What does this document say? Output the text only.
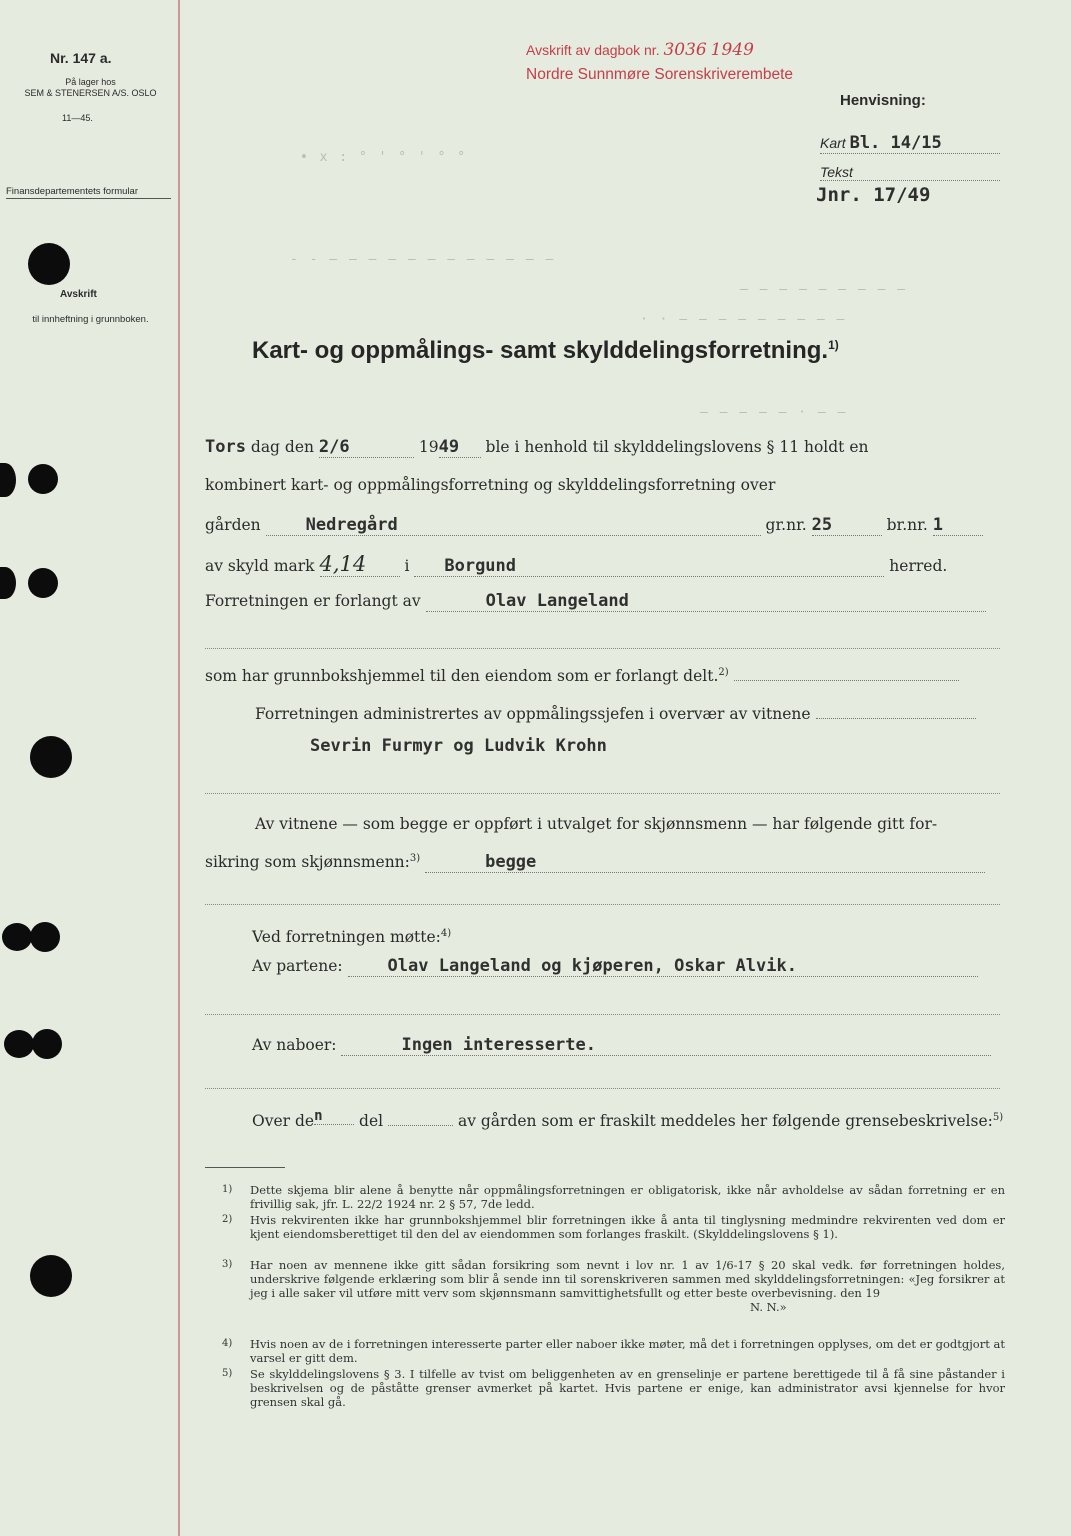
Nr. 147 a.
På lager hos
SEM & STENERSEN A/S. OSLO
11—45.
Finansdepartementets formular
Avskrift
til innheftning i grunnboken.
Avskrift av dagbok nr. 3036 1949
Nordre Sunnmøre Sorenskriverembete
Henvisning:
Kart Bl. 14/15
Tekst
Jnr. 17/49
• x : ° ' ° ' ° °
- - ‒ ‒ ‒ ‒ ‒ ‒ ‒ ‒ ‒ ‒ ‒ ‒
‒ ‒ ‒ ‒ ‒ ‒ ‒ ‒ ‒
· · ‒ ‒ ‒ ‒ ‒ ‒ ‒ ‒ ‒
‒ ‒ ‒ ‒ ‒ · ‒ ‒
Kart- og oppmålings- samt skylddelingsforretning.$^{1)}$
Tors dag den 2/6	1949 ble i henhold til skylddelingslovens § 11 holdt en
kombinert kart- og oppmålingsforretning og skylddelingsforretning over
gården	Nedregård	gr.nr. 25	br.nr. 1
av skyld mark 4,14 i Borgund	herred.
Forretningen er forlangt av	Olav Langeland
som har grunnbokshjemmel til den eiendom som er forlangt delt.$^{2)}$
Forretningen administrertes av oppmålingssjefen i overvær av vitnene
Sevrin Furmyr og Ludvik Krohn
Av vitnene — som begge er oppført i utvalget for skjønnsmenn — har følgende gitt for-
sikring som skjønnsmenn:$^{3)}$	begge
Ved forretningen møtte:$^{4)}$
Av partene:	Olav Langeland og kjøperen, Oskar Alvik.
Av naboer:	Ingen interesserte.
Over $de^n$ del	av gården som er fraskilt meddeles her følgende grensebeskrivelse:$^{5)}$
1) Dette skjema blir alene å benytte når oppmålingsforretningen er obligatorisk, ikke når avholdelse av sådan forretning er en frivillig sak, jfr. L. 22/2 1924 nr. 2 § 57, 7de ledd.
2) Hvis rekvirenten ikke har grunnbokshjemmel blir forretningen ikke å anta til tinglysning medmindre rekvirenten ved dom er kjent eiendomsberettiget til den del av eiendommen som forlanges fraskilt. (Skylddelingslovens § 1).
3) Har noen av mennene ikke gitt sådan forsikring som nevnt i lov nr. 1 av 1/6-17 § 20 skal vedk. før forretningen holdes, underskrive følgende erklæring som blir å sende inn til sorenskriveren sammen med skylddelingsforretningen: «Jeg forsikrer at jeg i alle saker vil utføre mitt verv som skjønnsmann samvittighetsfullt og etter beste overbevisning. den 19
N. N.»
4) Hvis noen av de i forretningen interesserte parter eller naboer ikke møter, må det i forretningen opplyses, om det er godtgjort at varsel er gitt dem.
5) Se skylddelingslovens § 3. I tilfelle av tvist om beliggenheten av en grenselinje er partene berettigede til å få sine påstander i beskrivelsen og de påståtte grenser avmerket på kartet. Hvis partene er enige, kan administrator avsi kjennelse for hvor grensen skal gå.
